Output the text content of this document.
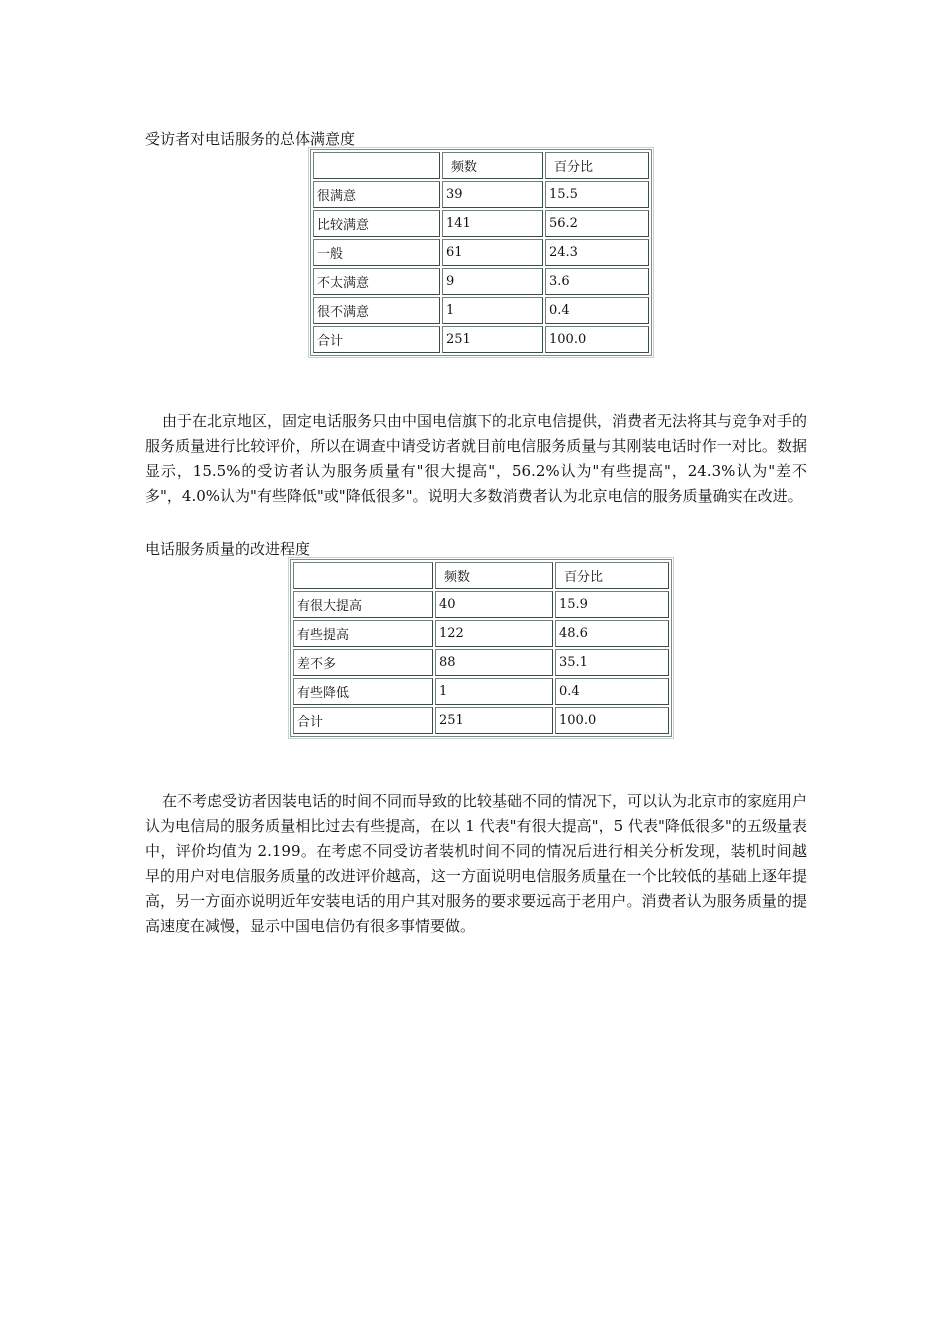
受访者对电话服务的总体满意度
	频数	百分比
很满意	39	15.5
比较满意	141	56.2
一般	61	24.3
不太满意	9	3.6
很不满意	1	0.4
合计	251	100.0

由于在北京地区，固定电话服务只由中国电信旗下的北京电信提供，消费者无法将其与竞争对手的服务质量进行比较评价，所以在调查中请受访者就目前电信服务质量与其刚装电话时作一对比。数据显示，15.5%的受访者认为服务质量有"很大提高"，56.2%认为"有些提高"，24.3%认为"差不多"，4.0%认为"有些降低"或"降低很多"。说明大多数消费者认为北京电信的服务质量确实在改进。

电话服务质量的改进程度
	频数	百分比
有很大提高	40	15.9
有些提高	122	48.6
差不多	88	35.1
有些降低	1	0.4
合计	251	100.0

在不考虑受访者因装电话的时间不同而导致的比较基础不同的情况下，可以认为北京市的家庭用户认为电信局的服务质量相比过去有些提高，在以 1 代表"有很大提高"，5 代表"降低很多"的五级量表中，评价均值为 2.199。在考虑不同受访者装机时间不同的情况后进行相关分析发现，装机时间越早的用户对电信服务质量的改进评价越高，这一方面说明电信服务质量在一个比较低的基础上逐年提高，另一方面亦说明近年安装电话的用户其对服务的要求要远高于老用户。消费者认为服务质量的提高速度在减慢，显示中国电信仍有很多事情要做。
